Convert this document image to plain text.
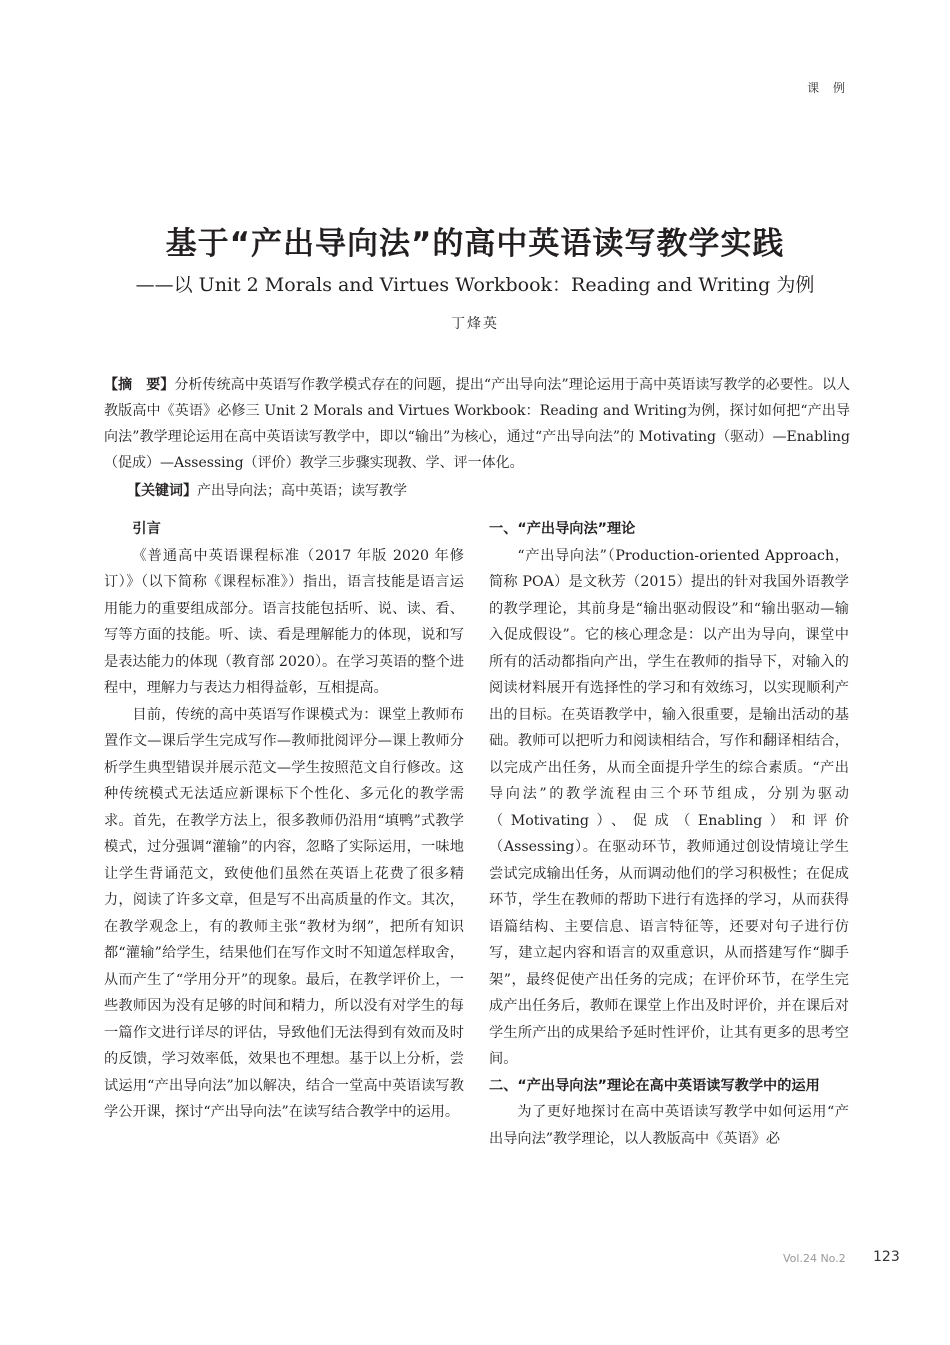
课 例
基于“产出导向法”的高中英语读写教学实践
——以 Unit 2 Morals and Virtues Workbook：Reading and Writing 为例
丁烽英
【摘　要】分析传统高中英语写作教学模式存在的问题，提出“产出导向法”理论运用于高中英语读写教学的必要性。以人教版高中《英语》必修三 Unit 2 Morals and Virtues Workbook：Reading and Writing为例，探讨如何把“产出导向法”教学理论运用在高中英语读写教学中，即以“输出”为核心，通过“产出导向法”的 Motivating（驱动）—Enabling（促成）—Assessing（评价）教学三步骤实现教、学、评一体化。
【关键词】产出导向法；高中英语；读写教学
引言

《普通高中英语课程标准（2017 年版 2020 年修订）》（以下简称《课程标准》）指出，语言技能是语言运用能力的重要组成部分。语言技能包括听、说、读、看、写等方面的技能。听、读、看是理解能力的体现，说和写是表达能力的体现（教育部 2020）。在学习英语的整个进程中，理解力与表达力相得益彰，互相提高。

目前，传统的高中英语写作课模式为：课堂上教师布置作文—课后学生完成写作—教师批阅评分—课上教师分析学生典型错误并展示范文—学生按照范文自行修改。这种传统模式无法适应新课标下个性化、多元化的教学需求。首先，在教学方法上，很多教师仍沿用“填鸭”式教学模式，过分强调“灌输”的内容，忽略了实际运用，一味地让学生背诵范文，致使他们虽然在英语上花费了很多精力，阅读了许多文章，但是写不出高质量的作文。其次，在教学观念上，有的教师主张“教材为纲”，把所有知识都“灌输”给学生，结果他们在写作文时不知道怎样取舍，从而产生了“学用分开”的现象。最后，在教学评价上，一些教师因为没有足够的时间和精力，所以没有对学生的每一篇作文进行详尽的评估，导致他们无法得到有效而及时的反馈，学习效率低，效果也不理想。基于以上分析，尝试运用“产出导向法”加以解决，结合一堂高中英语读写教学公开课，探讨“产出导向法”在读写结合教学中的运用。

一、“产出导向法”理论

“产出导向法”（Production-oriented Approach，简称 POA）是文秋芳（2015）提出的针对我国外语教学的教学理论，其前身是“输出驱动假设”和“输出驱动—输入促成假设”。它的核心理念是：以产出为导向，课堂中所有的活动都指向产出，学生在教师的指导下，对输入的阅读材料展开有选择性的学习和有效练习，以实现顺利产出的目标。在英语教学中，输入很重要，是输出活动的基础。教师可以把听力和阅读相结合，写作和翻译相结合，以完成产出任务，从而全面提升学生的综合素质。“产出导向法”的教学流程由三个环节组成，分别为驱动（Motivating）、促成（Enabling）和评价（Assessing）。在驱动环节，教师通过创设情境让学生尝试完成输出任务，从而调动他们的学习积极性；在促成环节，学生在教师的帮助下进行有选择的学习，从而获得语篇结构、主要信息、语言特征等，还要对句子进行仿写，建立起内容和语言的双重意识，从而搭建写作“脚手架”，最终促使产出任务的完成；在评价环节，在学生完成产出任务后，教师在课堂上作出及时评价，并在课后对学生所产出的成果给予延时性评价，让其有更多的思考空间。

二、“产出导向法”理论在高中英语读写教学中的运用

为了更好地探讨在高中英语读写教学中如何运用“产出导向法”教学理论，以人教版高中《英语》必

Vol.24 No.2 123
